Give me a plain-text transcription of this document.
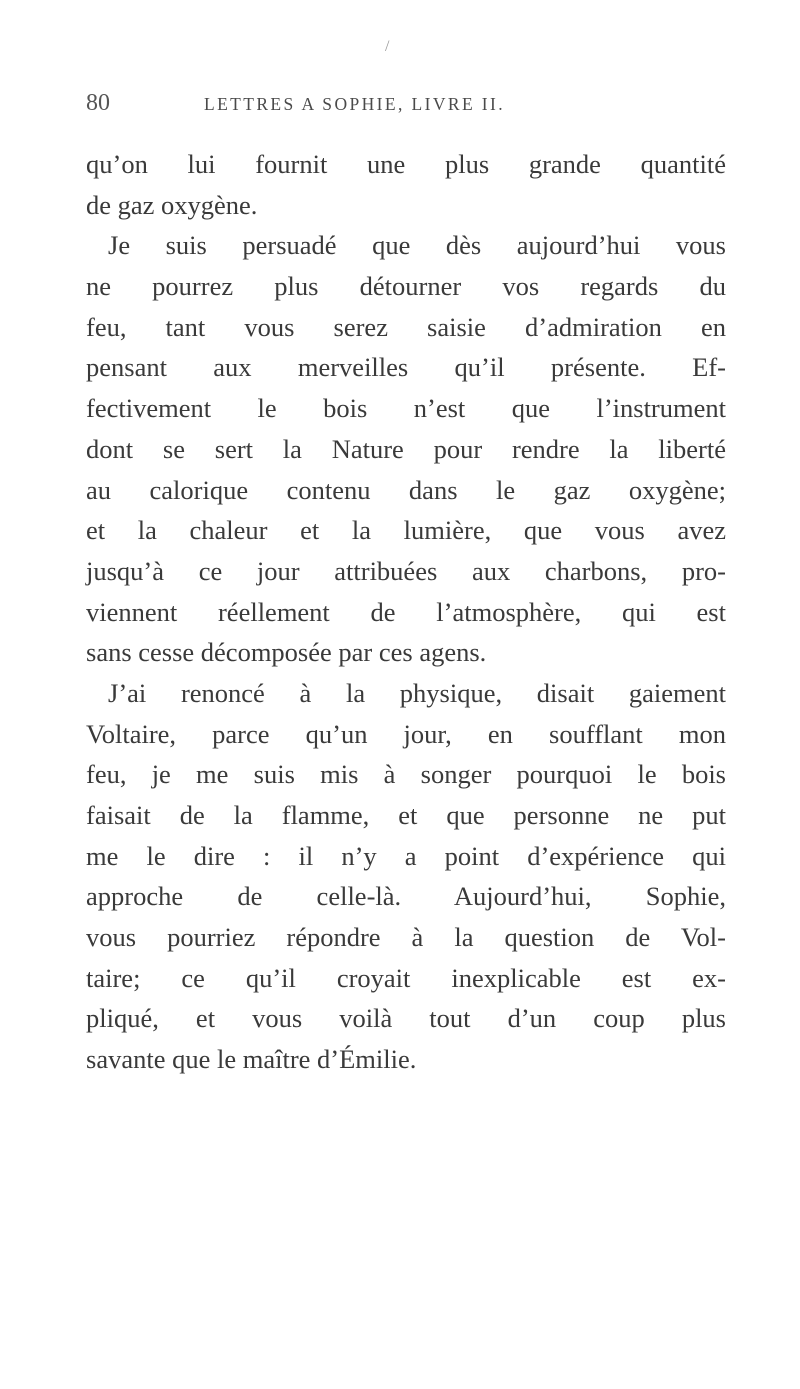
/
80	LETTRES A SOPHIE, LIVRE II.
qu’on lui fournit une plus grande quantité
de gaz oxygène.
Je suis persuadé que dès aujourd’hui vous
ne pourrez plus détourner vos regards du
feu, tant vous serez saisie d’admiration en
pensant aux merveilles qu’il présente. Ef-
fectivement le bois n’est que l’instrument
dont se sert la Nature pour rendre la liberté
au calorique contenu dans le gaz oxygène;
et la chaleur et la lumière, que vous avez
jusqu’à ce jour attribuées aux charbons, pro-
viennent réellement de l’atmosphère, qui est
sans cesse décomposée par ces agens.
J’ai renoncé à la physique, disait gaiement
Voltaire, parce qu’un jour, en soufflant mon
feu, je me suis mis à songer pourquoi le bois
faisait de la flamme, et que personne ne put
me le dire : il n’y a point d’expérience qui
approche de celle-là. Aujourd’hui, Sophie,
vous pourriez répondre à la question de Vol-
taire; ce qu’il croyait inexplicable est ex-
pliqué, et vous voilà tout d’un coup plus
savante que le maître d’Émilie.
